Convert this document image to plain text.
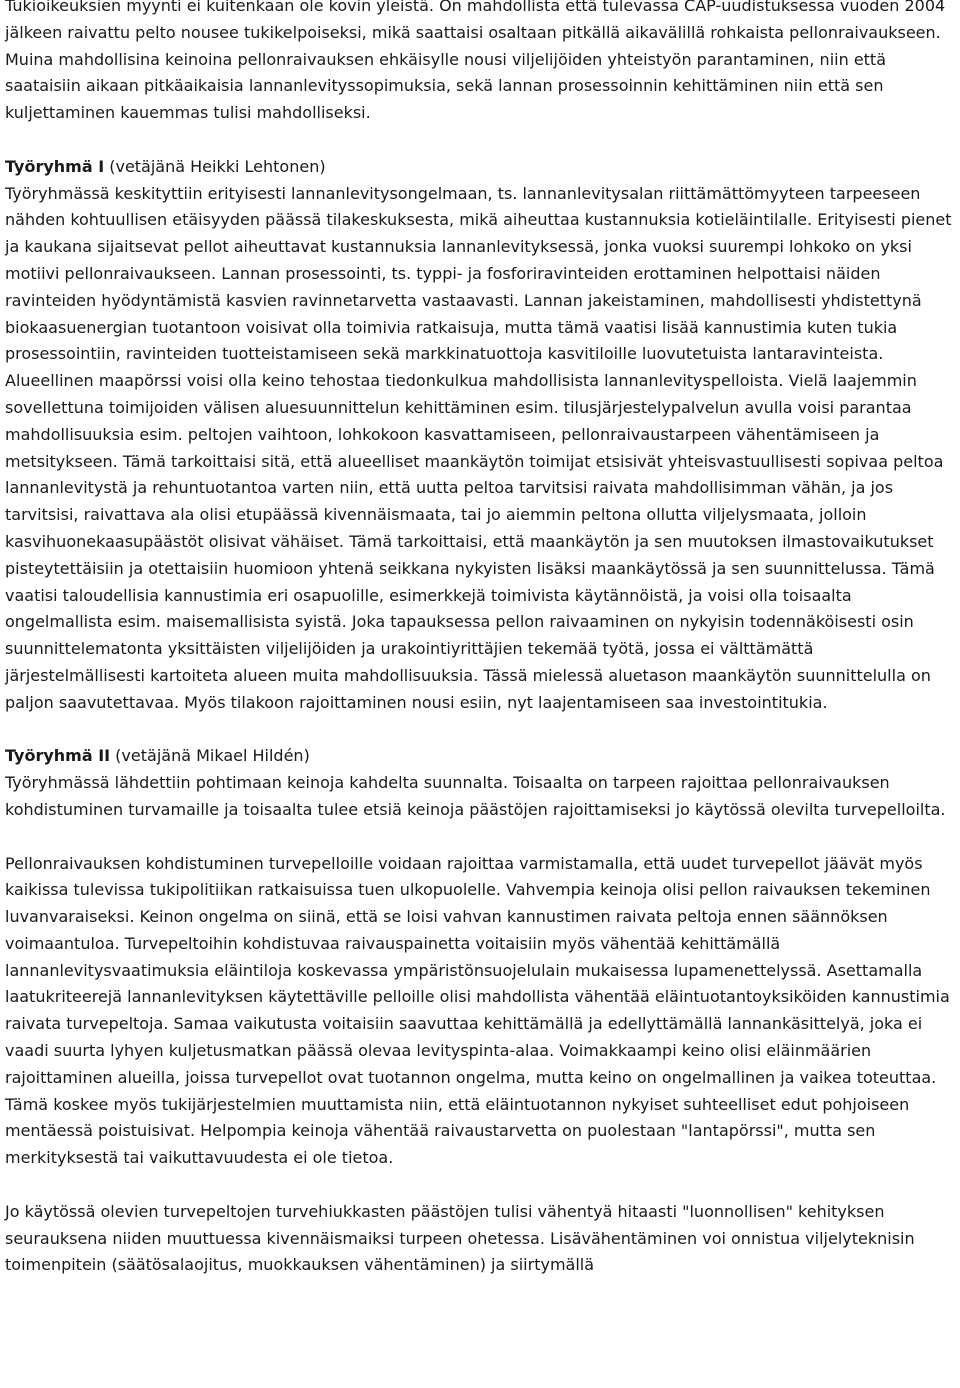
Tukioikeuksien myynti ei kuitenkaan ole kovin yleistä. On mahdollista että tulevassa CAP-uudistuksessa vuoden 2004 jälkeen raivattu pelto nousee tukikelpoiseksi, mikä saattaisi osaltaan pitkällä aikavälillä rohkaista pellonraivaukseen. Muina mahdollisina keinoina pellonraivauksen ehkäisylle nousi viljelijöiden yhteistyön parantaminen, niin että saataisiin aikaan pitkäaikaisia lannanlevityssopimuksia, sekä lannan prosessoinnin kehittäminen niin että sen kuljettaminen kauemmas tulisi mahdolliseksi.

Työryhmä I (vetäjänä Heikki Lehtonen)

Työryhmässä keskityttiin erityisesti lannanlevitysongelmaan, ts. lannanlevitysalan riittämättömyyteen tarpeeseen nähden kohtuullisen etäisyyden päässä tilakeskuksesta, mikä aiheuttaa kustannuksia kotieläintilalle. Erityisesti pienet ja kaukana sijaitsevat pellot aiheuttavat kustannuksia lannanlevityksessä, jonka vuoksi suurempi lohkoko on yksi motiivi pellonraivaukseen. Lannan prosessointi, ts. typpi- ja fosforiravinteiden erottaminen helpottaisi näiden ravinteiden hyödyntämistä kasvien ravinnetarvetta vastaavasti. Lannan jakeistaminen, mahdollisesti yhdistettynä biokaasuenergian tuotantoon voisivat olla toimivia ratkaisuja, mutta tämä vaatisi lisää kannustimia kuten tukia prosessointiin, ravinteiden tuotteistamiseen sekä markkinatuottoja kasvitiloille luovutetuista lantaravinteista. Alueellinen maapörssi voisi olla keino tehostaa tiedonkulkua mahdollisista lannanlevityspelloista. Vielä laajemmin sovellettuna toimijoiden välisen aluesuunnittelun kehittäminen esim. tilusjärjestelypalvelun avulla voisi parantaa mahdollisuuksia esim. peltojen vaihtoon, lohkokoon kasvattamiseen, pellonraivaustarpeen vähentämiseen ja metsitykseen. Tämä tarkoittaisi sitä, että alueelliset maankäytön toimijat etsisivät yhteisvastuullisesti sopivaa peltoa lannanlevitystä ja rehuntuotantoa varten niin, että uutta peltoa tarvitsisi raivata mahdollisimman vähän, ja jos tarvitsisi, raivattava ala olisi etupäässä kivennäismaata, tai jo aiemmin peltona ollutta viljelysmaata, jolloin kasvihuonekaasupäästöt olisivat vähäiset. Tämä tarkoittaisi, että maankäytön ja sen muutoksen ilmastovaikutukset pisteytettäisiin ja otettaisiin huomioon yhtenä seikkana nykyisten lisäksi maankäytössä ja sen suunnittelussa. Tämä vaatisi taloudellisia kannustimia eri osapuolille, esimerkkejä toimivista käytännöistä, ja voisi olla toisaalta ongelmallista esim. maisemallisista syistä. Joka tapauksessa pellon raivaaminen on nykyisin todennäköisesti osin suunnittelematonta yksittäisten viljelijöiden ja urakointiyrittäjien tekemää työtä, jossa ei välttämättä järjestelmällisesti kartoiteta alueen muita mahdollisuuksia. Tässä mielessä aluetason maankäytön suunnittelulla on paljon saavutettavaa. Myös tilakoon rajoittaminen nousi esiin, nyt laajentamiseen saa investointitukia.

Työryhmä II (vetäjänä Mikael Hildén)

Työryhmässä lähdettiin pohtimaan keinoja kahdelta suunnalta. Toisaalta on tarpeen rajoittaa pellonraivauksen kohdistuminen turvamaille ja toisaalta tulee etsiä keinoja päästöjen rajoittamiseksi jo käytössä olevilta turvepelloilta.

Pellonraivauksen kohdistuminen turvepelloille voidaan rajoittaa varmistamalla, että uudet turvepellot jäävät myös kaikissa tulevissa tukipolitiikan ratkaisuissa tuen ulkopuolelle. Vahvempia keinoja olisi pellon raivauksen tekeminen luvanvaraiseksi. Keinon ongelma on siinä, että se loisi vahvan kannustimen raivata peltoja ennen säännöksen voimaantuloa. Turvepeltoihin kohdistuvaa raivauspainetta voitaisiin myös vähentää kehittämällä lannanlevitysvaatimuksia eläintiloja koskevassa ympäristönsuojelulain mukaisessa lupamenettelyssä. Asettamalla laatukriteerejä lannanlevityksen käytettäville pelloille olisi mahdollista vähentää eläintuotantoyksiköiden kannustimia raivata turvepeltoja. Samaa vaikutusta voitaisiin saavuttaa kehittämällä ja edellyttämällä lannankäsittelyä, joka ei vaadi suurta lyhyen kuljetusmatkan päässä olevaa levityspinta-alaa. Voimakkaampi keino olisi eläinmäärien rajoittaminen alueilla, joissa turvepellot ovat tuotannon ongelma, mutta keino on ongelmallinen ja vaikea toteuttaa. Tämä koskee myös tukijärjestelmien muuttamista niin, että eläintuotannon nykyiset suhteelliset edut pohjoiseen mentäessä poistuisivat. Helpompia keinoja vähentää raivaustarvetta on puolestaan "lantapörssi", mutta sen merkityksestä tai vaikuttavuudesta ei ole tietoa.

Jo käytössä olevien turvepeltojen turvehiukkasten päästöjen tulisi vähentyä hitaasti "luonnollisen" kehityksen seurauksena niiden muuttuessa kivennäismaiksi turpeen ohetessa. Lisävähentäminen voi onnistua viljelyteknisin toimenpitein (säätösalaojitus, muokkauksen vähentäminen) ja siirtymällä
